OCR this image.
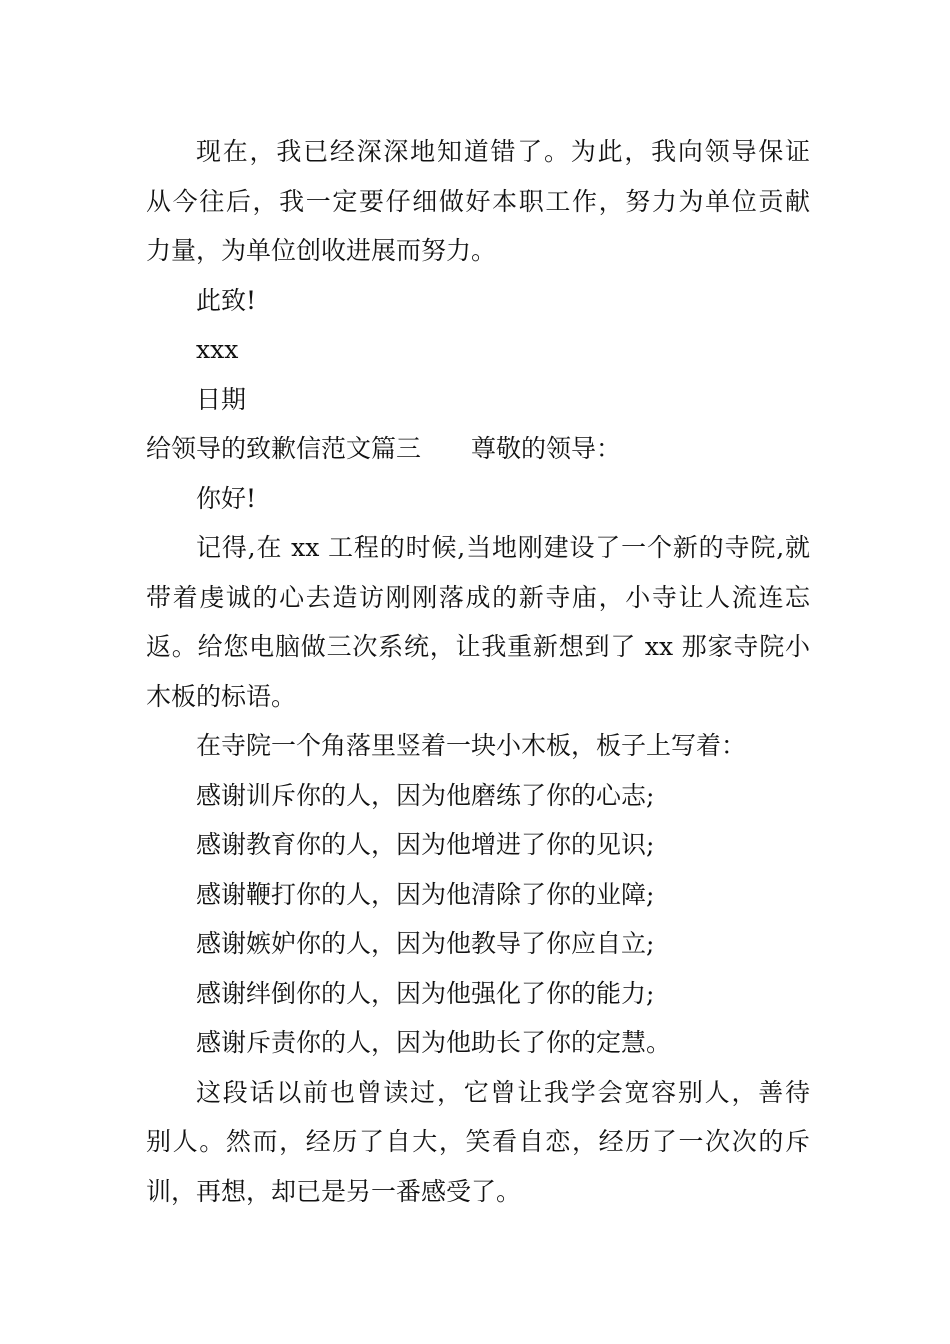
现在，我已经深深地知道错了。为此，我向领导保证
从今往后，我一定要仔细做好本职工作，努力为单位贡献
力量，为单位创收进展而努力。
此致!
xxx
日期
给领导的致歉信范文篇三 尊敬的领导：
你好!
记得,在 xx 工程的时候,当地刚建设了一个新的寺院,就
带着虔诚的心去造访刚刚落成的新寺庙，小寺让人流连忘
返。给您电脑做三次系统，让我重新想到了 xx 那家寺院小
木板的标语。
在寺院一个角落里竖着一块小木板，板子上写着：
感谢训斥你的人，因为他磨练了你的心志;
感谢教育你的人，因为他增进了你的见识;
感谢鞭打你的人，因为他清除了你的业障;
感谢嫉妒你的人，因为他教导了你应自立;
感谢绊倒你的人，因为他强化了你的能力;
感谢斥责你的人，因为他助长了你的定慧。
这段话以前也曾读过，它曾让我学会宽容别人，善待
别人。然而，经历了自大，笑看自恋，经历了一次次的斥
训，再想，却已是另一番感受了。
